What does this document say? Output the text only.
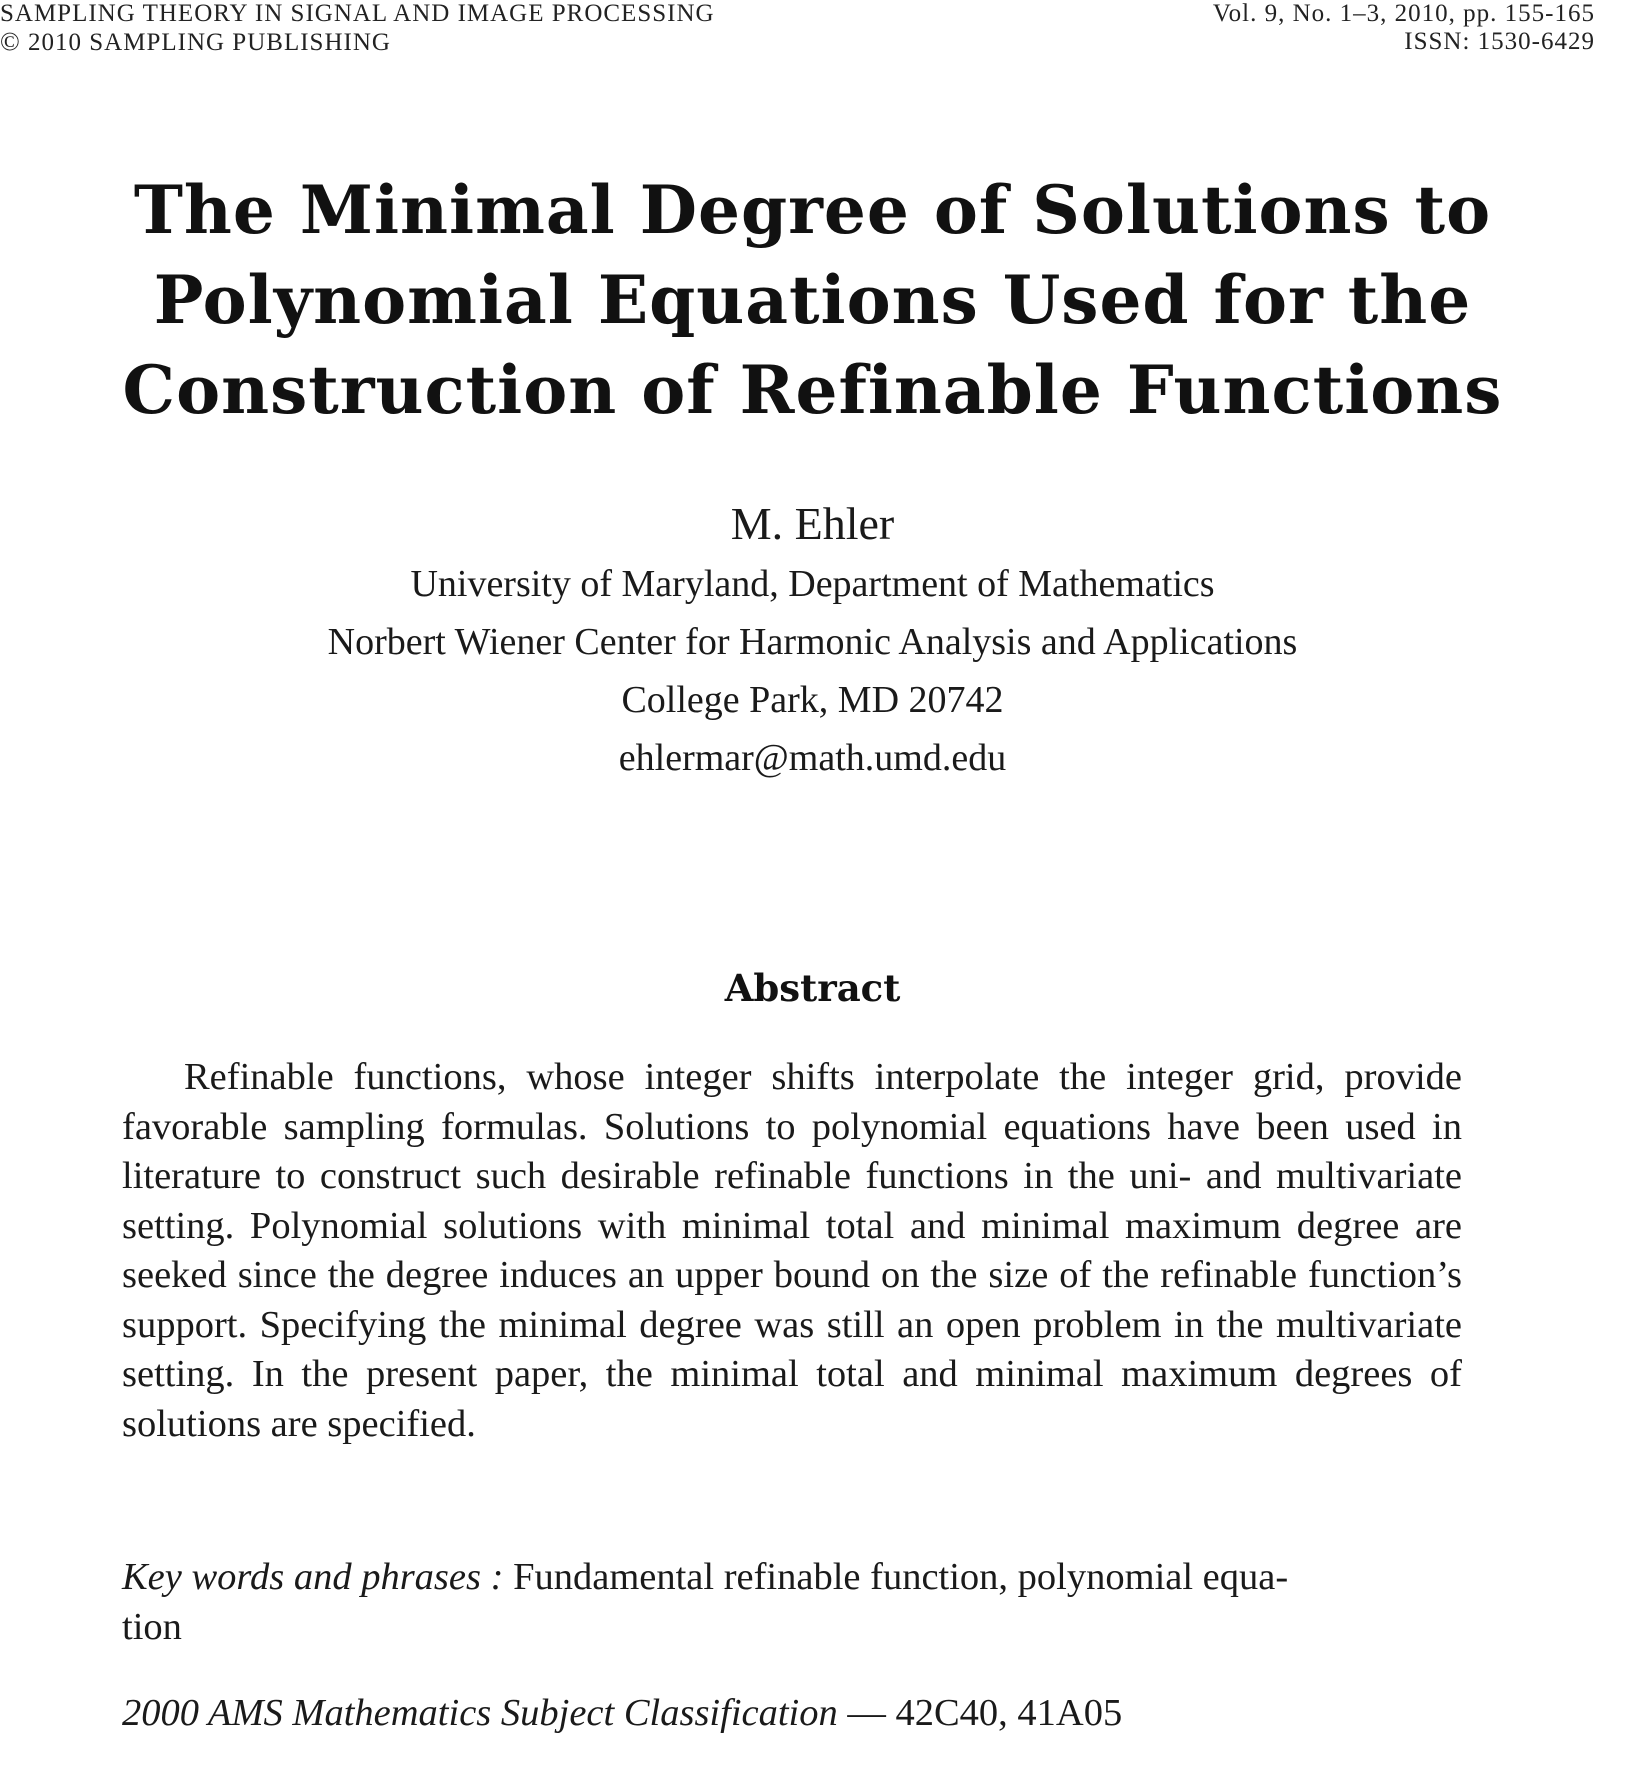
SAMPLING THEORY IN SIGNAL AND IMAGE PROCESSING
© 2010 SAMPLING PUBLISHING
Vol. 9, No. 1–3, 2010, pp. 155-165
ISSN: 1530-6429
The Minimal Degree of Solutions to
Polynomial Equations Used for the
Construction of Refinable Functions
M. Ehler
University of Maryland, Department of Mathematics
Norbert Wiener Center for Harmonic Analysis and Applications
College Park, MD 20742
ehlermar@math.umd.edu
Abstract

Refinable functions, whose integer shifts interpolate the integer grid, provide favorable sampling formulas. Solutions to polynomial equations have been used in literature to construct such desirable refinable functions in the uni- and multivariate setting. Polynomial solutions with minimal total and minimal maximum degree are seeked since the degree induces an upper bound on the size of the refinable function’s support. Specifying the minimal degree was still an open problem in the multivariate setting. In the present paper, the minimal total and minimal maximum degrees of solutions are specified.

Key words and phrases : Fundamental refinable function, polynomial equa-
tion
2000 AMS Mathematics Subject Classification — 42C40, 41A05
